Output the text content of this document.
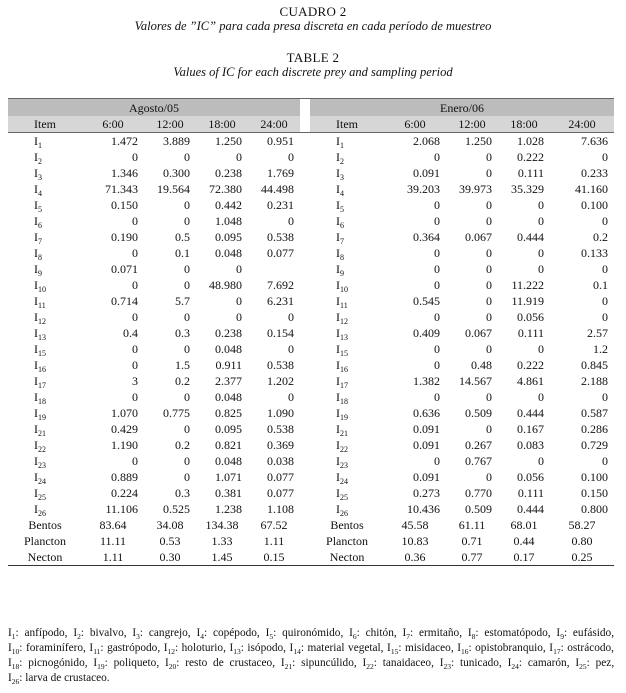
CUADRO 2
Valores de ”IC” para cada presa discreta en cada período de muestreo
TABLE 2
Values of IC for each discrete prey and sampling period
Agosto/05						Enero/06				
Item	6:00	12:00	18:00	24:00		Item	6:00	12:00	18:00	24:00
$I_1$	1.472	3.889	1.250	0.951		$I_1$	2.068	1.250	1.028	7.636
$I_2$	0	0	0	0		$I_2$	0	0	0.222	0
$I_3$	1.346	0.300	0.238	1.769		$I_3$	0.091	0	0.111	0.233
$I_4$	71.343	19.564	72.380	44.498		$I_4$	39.203	39.973	35.329	41.160
$I_5$	0.150	0	0.442	0.231		$I_5$	0	0	0	0.100
$I_6$	0	0	1.048	0		$I_6$	0	0	0	0
$I_7$	0.190	0.5	0.095	0.538		$I_7$	0.364	0.067	0.444	0.2
$I_8$	0	0.1	0.048	0.077		$I_8$	0	0	0	0.133
$I_9$	0.071	0	0			$I_9$	0	0	0	0
$I_{10}$	0	0	48.980	7.692		$I_{10}$	0	0	11.222	0.1
$I_{11}$	0.714	5.7	0	6.231		$I_{11}$	0.545	0	11.919	0
$I_{12}$	0	0	0	0		$I_{12}$	0	0	0.056	0
$I_{13}$	0.4	0.3	0.238	0.154		$I_{13}$	0.409	0.067	0.111	2.57
$I_{15}$	0	0	0.048	0		$I_{15}$	0	0	0	1.2
$I_{16}$	0	1.5	0.911	0.538		$I_{16}$	0	0.48	0.222	0.845
$I_{17}$	3	0.2	2.377	1.202		$I_{17}$	1.382	14.567	4.861	2.188
$I_{18}$	0	0	0.048	0		$I_{18}$	0	0	0	0
$I_{19}$	1.070	0.775	0.825	1.090		$I_{19}$	0.636	0.509	0.444	0.587
$I_{21}$	0.429	0	0.095	0.538		$I_{21}$	0.091	0	0.167	0.286
$I_{22}$	1.190	0.2	0.821	0.369		$I_{22}$	0.091	0.267	0.083	0.729
$I_{23}$	0	0	0.048	0.038		$I_{23}$	0	0.767	0	0
$I_{24}$	0.889	0	1.071	0.077		$I_{24}$	0.091	0	0.056	0.100
$I_{25}$	0.224	0.3	0.381	0.077		$I_{25}$	0.273	0.770	0.111	0.150
$I_{26}$	11.106	0.525	1.238	1.108		$I_{26}$	10.436	0.509	0.444	0.800
Bentos	83.64	34.08	134.38	67.52		Bentos	45.58	61.11	68.01	58.27
Plancton	11.11	0.53	1.33	1.11		Plancton	10.83	0.71	0.44	0.80
Necton	1.11	0.30	1.45	0.15		Necton	0.36	0.77	0.17	0.25
$I_1$: anfípodo, $I_2$: bivalvo, $I_3$: cangrejo, $I_4$: copépodo, $I_5$: quironómido, $I_6$: chitón, $I_7$: ermitaño, $I_8$: estomatópodo, $I_9$: eufásido, $I_{10}$: foraminífero, $I_{11}$: gastrópodo, $I_{12}$: holoturio, $I_{13}$: isópodo, $I_{14}$: material vegetal, $I_{15}$: misidaceo, $I_{16}$: opistobranquio, $I_{17}$: ostrácodo, $I_{18}$: picnogónido, $I_{19}$: poliqueto, $I_{20}$: resto de crustaceo, $I_{21}$: sipuncúlido, $I_{22}$: tanaidaceo, $I_{23}$: tunicado, $I_{24}$: camarón, $I_{25}$: pez, $I_{26}$: larva de crustaceo.
